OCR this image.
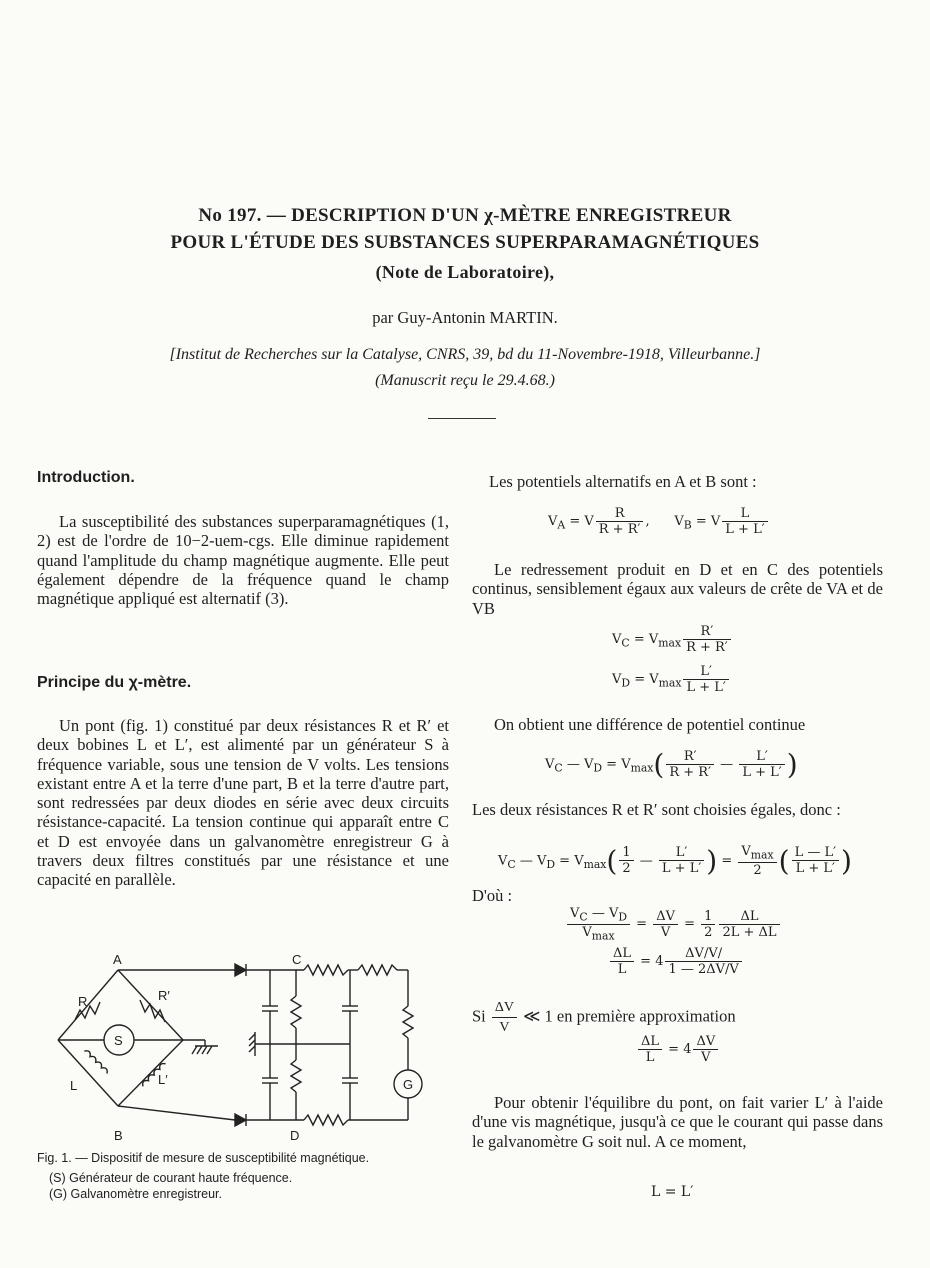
No 197. — DESCRIPTION D'UN χ-MÈTRE ENREGISTREUR
POUR L'ÉTUDE DES SUBSTANCES SUPERPARAMAGNÉTIQUES
(Note de Laboratoire),
par Guy-Antonin MARTIN.
[Institut de Recherches sur la Catalyse, CNRS, 39, bd du 11-Novembre-1918, Villeurbanne.]
(Manuscrit reçu le 29.4.68.)
Introduction.
La susceptibilité des substances superparamagnétiques (1, 2) est de l'ordre de 10−2-uem-cgs. Elle diminue rapidement quand l'amplitude du champ magnétique augmente. Elle peut également dépendre de la fréquence quand le champ magnétique appliqué est alternatif (3).
Principe du χ-mètre.
Un pont (fig. 1) constitué par deux résistances R et R′ et deux bobines L et L′, est alimenté par un générateur S à fréquence variable, sous une tension de V volts. Les tensions existant entre A et la terre d'une part, B et la terre d'autre part, sont redressées par deux diodes en série avec deux circuits résistance-capacité. La tension continue qui apparaît entre C et D est envoyée dans un galvanomètre enregistreur G à travers deux filtres constitués par une résistance et une capacité en parallèle.
A
B
C
D
R	R′
L	L′
S
G
Fig. 1. — Dispositif de mesure de susceptibilité magnétique.
(S) Générateur de courant haute fréquence.
(G) Galvanomètre enregistreur.
Les potentiels alternatifs en A et B sont :
$V_A = V \frac{R}{R + R'}$ ,      $V_B = V \frac{L}{L + L'}$
Le redressement produit en D et en C des potentiels continus, sensiblement égaux aux valeurs de crête de VA et de VB
$V_C = V_{max} \frac{R'}{R + R'}$
$V_D = V_{max} \frac{L'}{L + L'}$
On obtient une différence de potentiel continue
$V_C$ — $V_D = V_{max}( \frac{R'}{R + R'}$ — $\frac{L'}{L + L'}$ )
Les deux résistances R et R′ sont choisies égales, donc :
$V_C$ — $V_D = V_{max}( \frac{1}{2}$ — $\frac{L'}{L + L'}$ ) = $\frac{V_{max}}{2}$ ( $\frac{L — L'}{L + L'}$ )
D'où :
$\frac{V_C — V_D}{V_{max}} = \frac{\Delta V}{V} = \frac{1}{2} \frac{\Delta L}{2L + \Delta L}$
$\frac{\Delta L}{L} = 4 \frac{\Delta V/V/}{1 — 2\Delta V/V}$
Si $\frac{\Delta V}{V}$ ≪ 1 en première approximation
$\frac{\Delta L}{L} = 4 \frac{\Delta V}{V}$
Pour obtenir l'équilibre du pont, on fait varier L′ à l'aide d'une vis magnétique, jusqu'à ce que le courant qui passe dans le galvanomètre G soit nul. A ce moment,
L = L′
